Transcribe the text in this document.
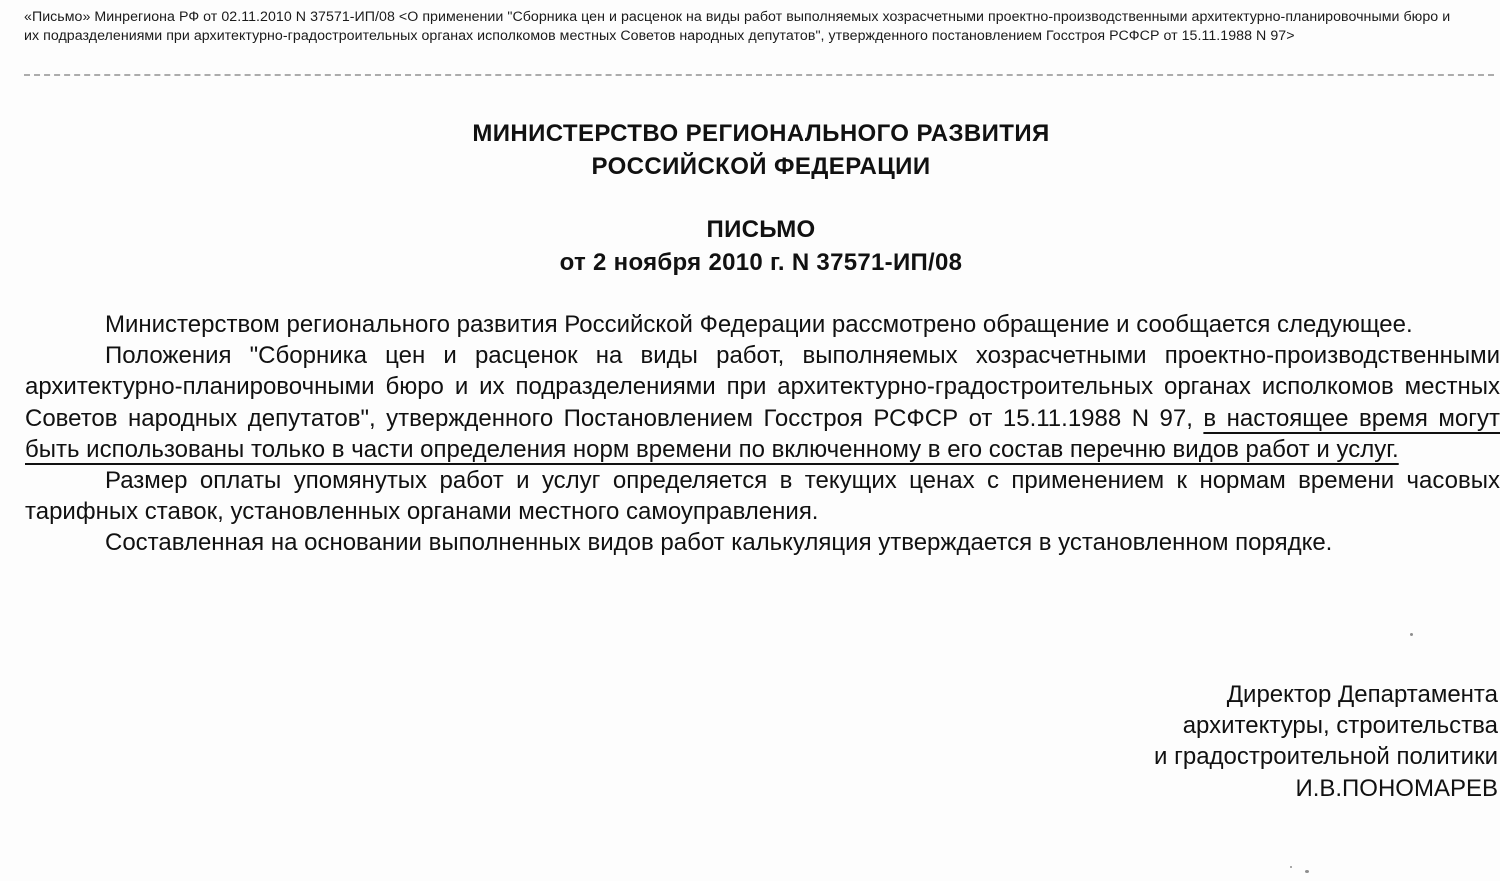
«Письмо» Минрегиона РФ от 02.11.2010 N 37571-ИП/08 <О применении "Сборника цен и расценок на виды работ выполняемых хозрасчетными проектно-производственными архитектурно-планировочными бюро и их подразделениями при архитектурно-градостроительных органах исполкомов местных Советов народных депутатов", утвержденного постановлением Госстроя РСФСР от 15.11.1988 N 97>
МИНИСТЕРСТВО РЕГИОНАЛЬНОГО РАЗВИТИЯ
РОССИЙСКОЙ ФЕДЕРАЦИИ
ПИСЬМО
от 2 ноября 2010 г. N 37571-ИП/08

Министерством регионального развития Российской Федерации рассмотрено обращение и сообщается следующее.

Положения "Сборника цен и расценок на виды работ, выполняемых хозрасчетными проектно-производственными архитектурно-планировочными бюро и их подразделениями при архитектурно-градостроительных органах исполкомов местных Советов народных депутатов", утвержденного Постановлением Госстроя РСФСР от 15.11.1988 N 97, в настоящее время могут быть использованы только в части определения норм времени по включенному в его состав перечню видов работ и услуг.

Размер оплаты упомянутых работ и услуг определяется в текущих ценах с применением к нормам времени часовых тарифных ставок, установленных органами местного самоуправления.

Составленная на основании выполненных видов работ калькуляция утверждается в установленном порядке.

Директор Департамента
архитектуры, строительства
и градостроительной политики
И.В.ПОНОМАРЕВ
